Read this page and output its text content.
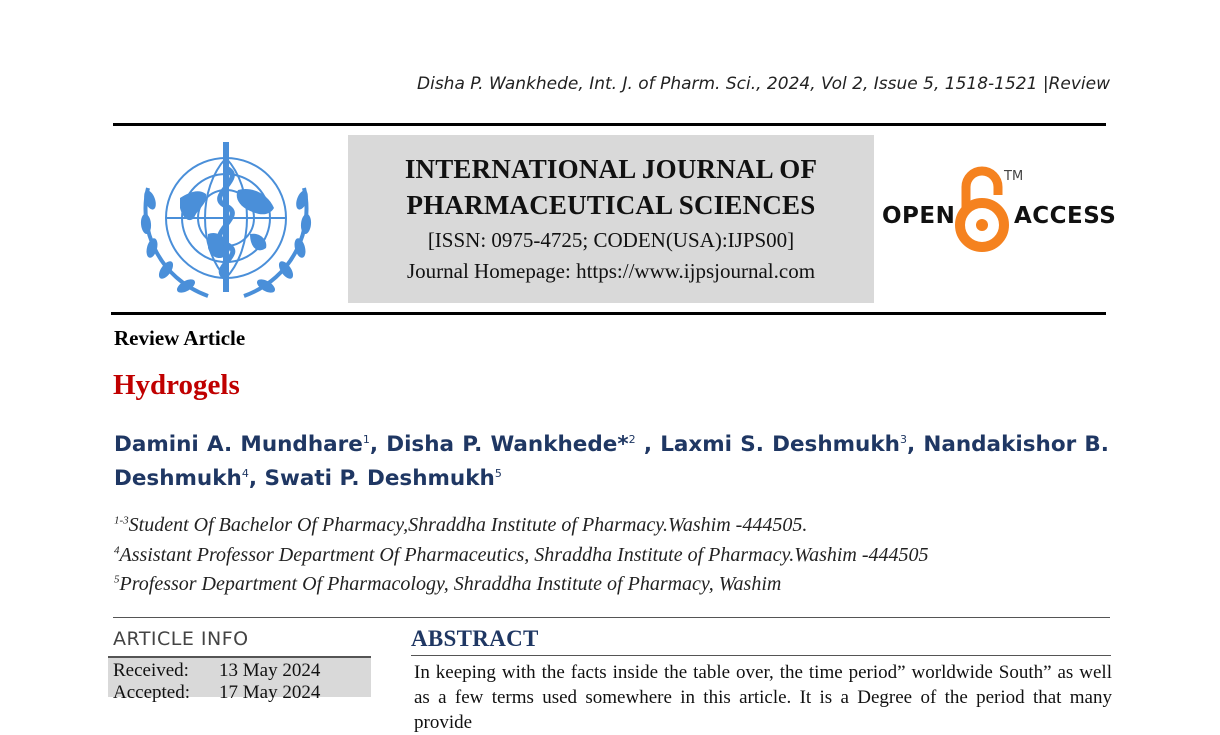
Disha P. Wankhede, Int. J. of Pharm. Sci., 2024, Vol 2, Issue 5, 1518-1521 |Review
INTERNATIONAL JOURNAL OF
PHARMACEUTICAL SCIENCES
[ISSN: 0975-4725; CODEN(USA):IJPS00]
Journal Homepage: https://www.ijpsjournal.com
OPEN
TM
ACCESS
Review Article
Hydrogels
Damini A. Mundhare$^1$, Disha P. Wankhede*$^2$ , Laxmi S. Deshmukh$^3$, Nandakishor B. Deshmukh$^4$, Swati P. Deshmukh$^5$
$^{1-3}$Student Of Bachelor Of Pharmacy,Shraddha Institute of Pharmacy.Washim -444505.
$^4$Assistant Professor Department Of Pharmaceutics, Shraddha Institute of Pharmacy.Washim -444505
$^5$Professor Department Of Pharmacology, Shraddha Institute of Pharmacy, Washim
ARTICLE INFO
Received: 13 May 2024
Accepted: 17 May 2024
ABSTRACT
In keeping with the facts inside the table over, the time period” worldwide South” as well as a few terms used somewhere in this article. It is a Degree of the period that many provide
